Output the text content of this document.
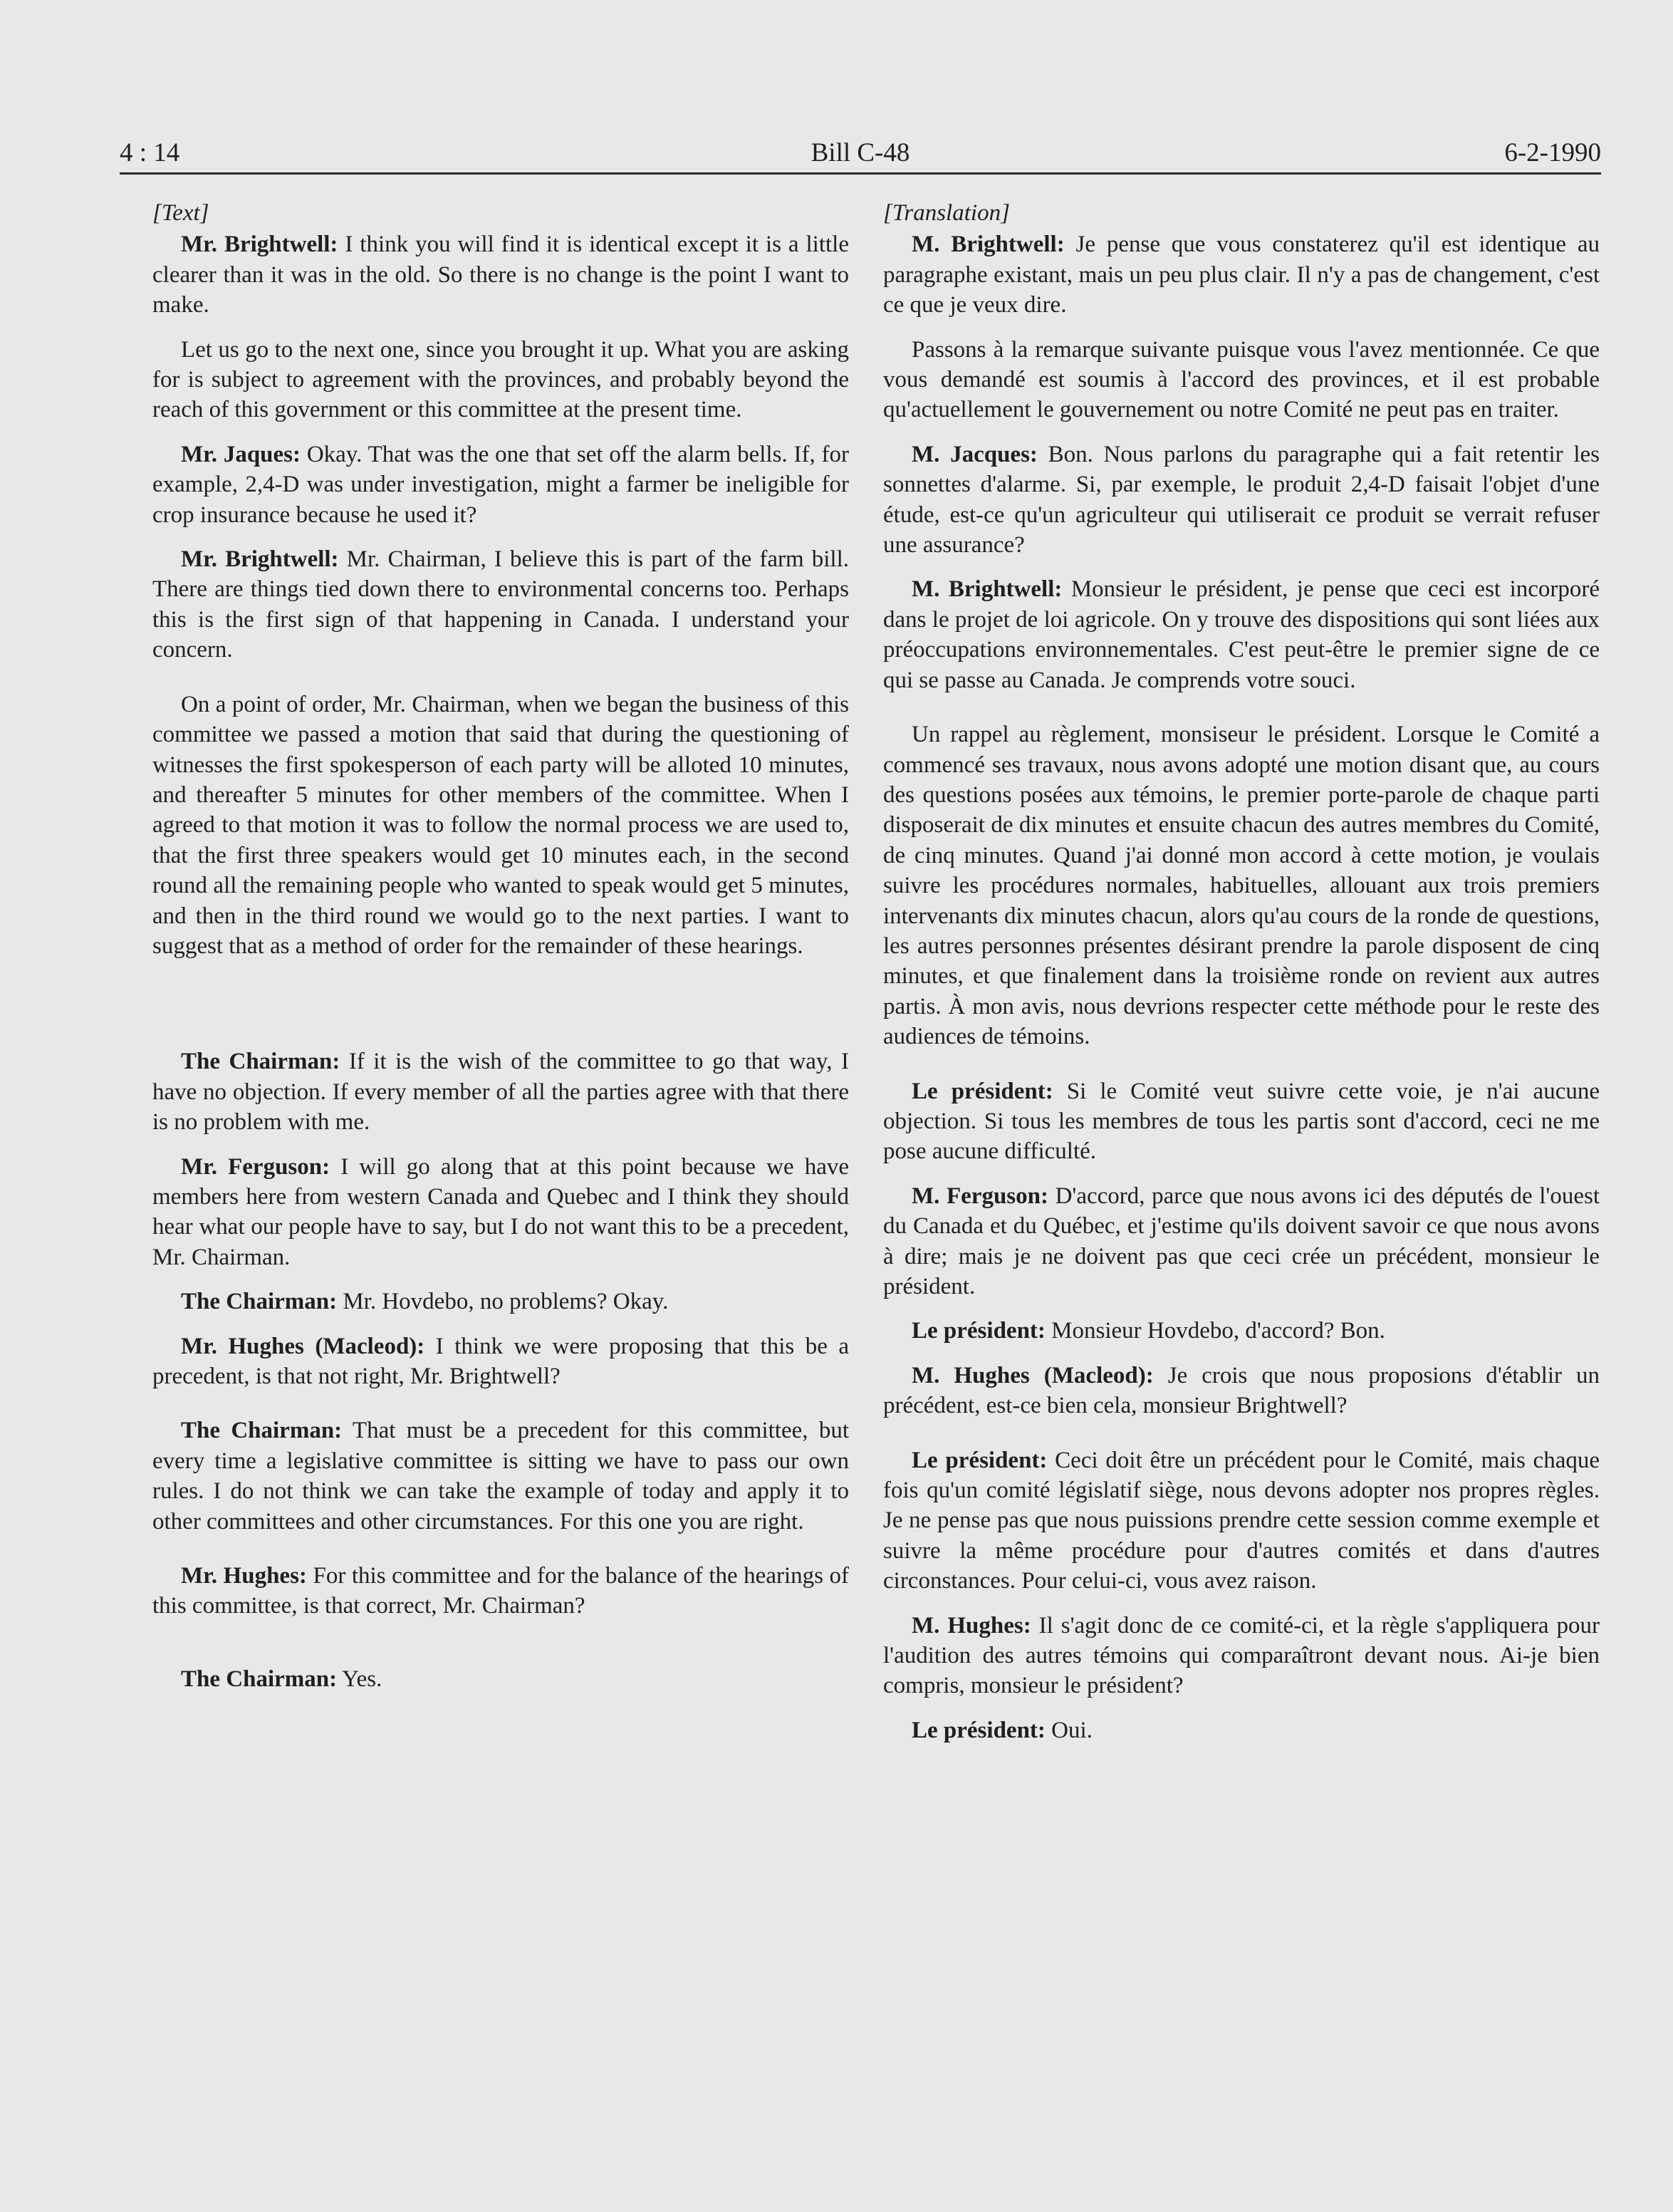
4 : 14	Bill C-48	6-2-1990
[Text]

Mr. Brightwell: I think you will find it is identical except it is a little clearer than it was in the old. So there is no change is the point I want to make.

Let us go to the next one, since you brought it up. What you are asking for is subject to agreement with the provinces, and probably beyond the reach of this government or this committee at the present time.

Mr. Jaques: Okay. That was the one that set off the alarm bells. If, for example, 2,4-D was under investigation, might a farmer be ineligible for crop insurance because he used it?

Mr. Brightwell: Mr. Chairman, I believe this is part of the farm bill. There are things tied down there to environmental concerns too. Perhaps this is the first sign of that happening in Canada. I understand your concern.

On a point of order, Mr. Chairman, when we began the business of this committee we passed a motion that said that during the questioning of witnesses the first spokesperson of each party will be alloted 10 minutes, and thereafter 5 minutes for other members of the committee. When I agreed to that motion it was to follow the normal process we are used to, that the first three speakers would get 10 minutes each, in the second round all the remaining people who wanted to speak would get 5 minutes, and then in the third round we would go to the next parties. I want to suggest that as a method of order for the remainder of these hearings.

The Chairman: If it is the wish of the committee to go that way, I have no objection. If every member of all the parties agree with that there is no problem with me.

Mr. Ferguson: I will go along that at this point because we have members here from western Canada and Quebec and I think they should hear what our people have to say, but I do not want this to be a precedent, Mr. Chairman.

The Chairman: Mr. Hovdebo, no problems? Okay.

Mr. Hughes (Macleod): I think we were proposing that this be a precedent, is that not right, Mr. Brightwell?

The Chairman: That must be a precedent for this committee, but every time a legislative committee is sitting we have to pass our own rules. I do not think we can take the example of today and apply it to other committees and other circumstances. For this one you are right.

Mr. Hughes: For this committee and for the balance of the hearings of this committee, is that correct, Mr. Chairman?

The Chairman: Yes.

[Translation]

M. Brightwell: Je pense que vous constaterez qu'il est identique au paragraphe existant, mais un peu plus clair. Il n'y a pas de changement, c'est ce que je veux dire.

Passons à la remarque suivante puisque vous l'avez mentionnée. Ce que vous demandé est soumis à l'accord des provinces, et il est probable qu'actuellement le gouvernement ou notre Comité ne peut pas en traiter.

M. Jacques: Bon. Nous parlons du paragraphe qui a fait retentir les sonnettes d'alarme. Si, par exemple, le produit 2,4-D faisait l'objet d'une étude, est-ce qu'un agriculteur qui utiliserait ce produit se verrait refuser une assurance?

M. Brightwell: Monsieur le président, je pense que ceci est incorporé dans le projet de loi agricole. On y trouve des dispositions qui sont liées aux préoccupations environnementales. C'est peut-être le premier signe de ce qui se passe au Canada. Je comprends votre souci.

Un rappel au règlement, monsiseur le président. Lorsque le Comité a commencé ses travaux, nous avons adopté une motion disant que, au cours des questions posées aux témoins, le premier porte-parole de chaque parti disposerait de dix minutes et ensuite chacun des autres membres du Comité, de cinq minutes. Quand j'ai donné mon accord à cette motion, je voulais suivre les procédures normales, habituelles, allouant aux trois premiers intervenants dix minutes chacun, alors qu'au cours de la ronde de questions, les autres personnes présentes désirant prendre la parole disposent de cinq minutes, et que finalement dans la troisième ronde on revient aux autres partis. À mon avis, nous devrions respecter cette méthode pour le reste des audiences de témoins.

Le président: Si le Comité veut suivre cette voie, je n'ai aucune objection. Si tous les membres de tous les partis sont d'accord, ceci ne me pose aucune difficulté.

M. Ferguson: D'accord, parce que nous avons ici des députés de l'ouest du Canada et du Québec, et j'estime qu'ils doivent savoir ce que nous avons à dire; mais je ne doivent pas que ceci crée un précédent, monsieur le président.

Le président: Monsieur Hovdebo, d'accord? Bon.

M. Hughes (Macleod): Je crois que nous proposions d'établir un précédent, est-ce bien cela, monsieur Brightwell?

Le président: Ceci doit être un précédent pour le Comité, mais chaque fois qu'un comité législatif siège, nous devons adopter nos propres règles. Je ne pense pas que nous puissions prendre cette session comme exemple et suivre la même procédure pour d'autres comités et dans d'autres circonstances. Pour celui-ci, vous avez raison.

M. Hughes: Il s'agit donc de ce comité-ci, et la règle s'appliquera pour l'audition des autres témoins qui comparaîtront devant nous. Ai-je bien compris, monsieur le président?

Le président: Oui.
